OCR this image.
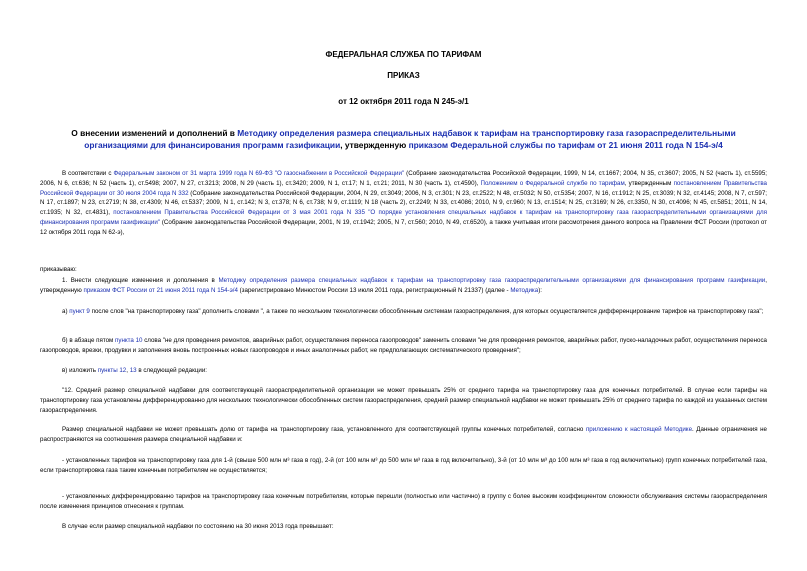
ФЕДЕРАЛЬНАЯ СЛУЖБА ПО ТАРИФАМ
ПРИКАЗ
от 12 октября 2011 года N 245-э/1
О внесении изменений и дополнений в Методику определения размера специальных надбавок к тарифам на транспортировку газа газораспределительными организациями для финансирования программ газификации, утвержденную приказом Федеральной службы по тарифам от 21 июня 2011 года N 154-э/4
В соответствии с Федеральным законом от 31 марта 1999 года N 69-ФЗ "О газоснабжении в Российской Федерации" (Собрание законодательства Российской Федерации, 1999, N 14, ст.1667; 2004, N 35, ст.3607; 2005, N 52 (часть 1), ст.5595; 2006, N 6, ст.636; N 52 (часть 1), ст.5498; 2007, N 27, ст.3213; 2008, N 29 (часть 1), ст.3420; 2009, N 1, ст.17; N 1, ст.21; 2011, N 30 (часть 1), ст.4590), Положением о Федеральной службе по тарифам, утвержденным постановлением Правительства Российской Федерации от 30 июля 2004 года N 332 (Собрание законодательства Российской Федерации, 2004, N 29, ст.3049; 2006, N 3, ст.301; N 23, ст.2522; N 48, ст.5032; N 50, ст.5354; 2007, N 16, ст.1912; N 25, ст.3039; N 32, ст.4145; 2008, N 7, ст.597; N 17, ст.1897; N 23, ст.2719; N 38, ст.4309; N 46, ст.5337; 2009, N 1, ст.142; N 3, ст.378; N 6, ст.738; N 9, ст.1119; N 18 (часть 2), ст.2249; N 33, ст.4086; 2010, N 9, ст.960; N 13, ст.1514; N 25, ст.3169; N 26, ст.3350, N 30, ст.4096; N 45, ст.5851; 2011, N 14, ст.1935; N 32, ст.4831), постановлением Правительства Российской Федерации от 3 мая 2001 года N 335 "О порядке установления специальных надбавок к тарифам на транспортировку газа газораспределительными организациями для финансирования программ газификации" (Собрание законодательства Российской Федерации, 2001, N 19, ст.1942; 2005, N 7, ст.560; 2010, N 49, ст.6520), а также учитывая итоги рассмотрения данного вопроса на Правлении ФСТ России (протокол от 12 октября 2011 года N 62-э),
приказываю:
1. Внести следующие изменения и дополнения в Методику определения размера специальных надбавок к тарифам на транспортировку газа газораспределительными организациями для финансирования программ газификации, утвержденную приказом ФСТ России от 21 июня 2011 года N 154-э/4 (зарегистрировано Минюстом России 13 июля 2011 года, регистрационный N 21337) (далее - Методика):
а) пункт 9 после слов "на транспортировку газа" дополнить словами ", а также по нескольким технологически обособленным системам газораспределения, для которых осуществляется дифференцирование тарифов на транспортировку газа";
б) в абзаце пятом пункта 10 слова "не для проведения ремонтов, аварийных работ, осуществления переноса газопроводов" заменить словами "не для проведения ремонтов, аварийных работ, пуско-наладочных работ, осуществления переноса газопроводов, врезки, продувки и заполнения вновь построенных новых газопроводов и иных аналогичных работ, не предполагающих систематического проведения";
в) изложить пункты 12, 13 в следующей редакции:
"12. Средний размер специальной надбавки для соответствующей газораспределительной организации не может превышать 25% от среднего тарифа на транспортировку газа для конечных потребителей. В случае если тарифы на транспортировку газа установлены дифференцированно для нескольких технологически обособленных систем газораспределения, средний размер специальной надбавки не может превышать 25% от среднего тарифа по каждой из указанных систем газораспределения.
Размер специальной надбавки не может превышать долю от тарифа на транспортировку газа, установленного для соответствующей группы конечных потребителей, согласно приложению к настоящей Методике. Данные ограничения не распространяются на соотношения размера специальной надбавки и:
- установленных тарифов на транспортировку газа для 1-й (свыше 500 млн м³ газа в год), 2-й (от 100 млн м³ до 500 млн м³ газа в год включительно), 3-й (от 10 млн м³ до 100 млн м³ газа в год включительно) групп конечных потребителей газа, если транспортировка газа таким конечным потребителям не осуществляется;
- установленных дифференцированно тарифов на транспортировку газа конечным потребителям, которые перешли (полностью или частично) в группу с более высоким коэффициентом сложности обслуживания системы газораспределения после изменения принципов отнесения к группам.
В случае если размер специальной надбавки по состоянию на 30 июня 2013 года превышает:
